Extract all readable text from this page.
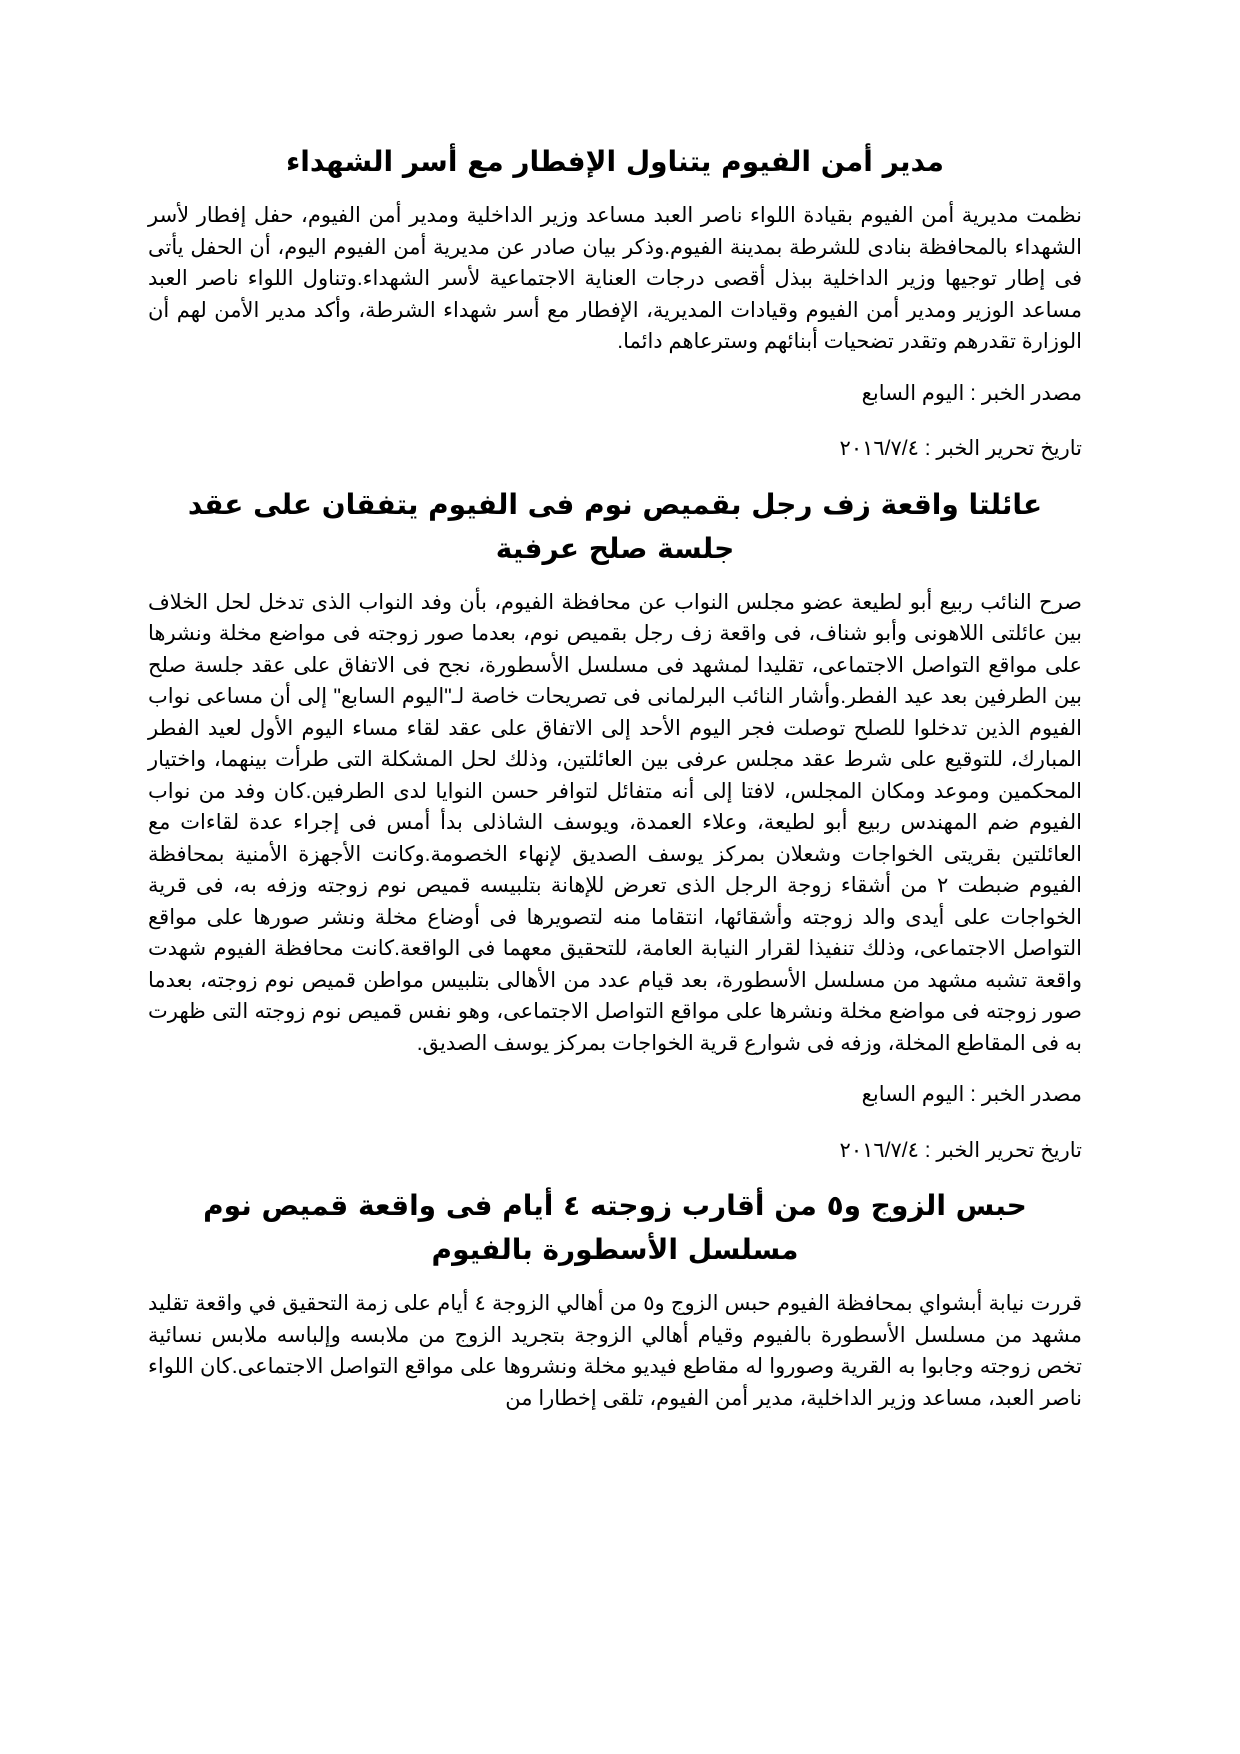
مدير أمن الفيوم يتناول الإفطار مع أسر الشهداء

نظمت مديرية أمن الفيوم بقيادة اللواء ناصر العبد مساعد وزير الداخلية ومدير أمن الفيوم، حفل إفطار لأسر الشهداء بالمحافظة بنادى للشرطة بمدينة الفيوم.وذكر بيان صادر عن مديرية أمن الفيوم اليوم، أن الحفل يأتى فى إطار توجيها وزير الداخلية ببذل أقصى درجات العناية الاجتماعية لأسر الشهداء.وتناول اللواء ناصر العبد مساعد الوزير ومدير أمن الفيوم وقيادات المديرية، الإفطار مع أسر شهداء الشرطة، وأكد مدير الأمن لهم أن الوزارة تقدرهم وتقدر تضحيات أبنائهم وسترعاهم دائما.

مصدر الخبر : اليوم السابع

تاريخ تحرير الخبر : ٢٠١٦/٧/٤

عائلتا واقعة زف رجل بقميص نوم فى الفيوم يتفقان على عقد جلسة صلح عرفية

صرح النائب ربيع أبو لطيعة عضو مجلس النواب عن محافظة الفيوم، بأن وفد النواب الذى تدخل لحل الخلاف بين عائلتى اللاهونى وأبو شناف، فى واقعة زف رجل بقميص نوم، بعدما صور زوجته فى مواضع مخلة ونشرها على مواقع التواصل الاجتماعى، تقليدا لمشهد فى مسلسل الأسطورة، نجح فى الاتفاق على عقد جلسة صلح بين الطرفين بعد عيد الفطر.وأشار النائب البرلمانى فى تصريحات خاصة لـ"اليوم السابع" إلى أن مساعى نواب الفيوم الذين تدخلوا للصلح توصلت فجر اليوم الأحد إلى الاتفاق على عقد لقاء مساء اليوم الأول لعيد الفطر المبارك، للتوقيع على شرط عقد مجلس عرفى بين العائلتين، وذلك لحل المشكلة التى طرأت بينهما، واختيار المحكمين وموعد ومكان المجلس، لافتا إلى أنه متفائل لتوافر حسن النوايا لدى الطرفين.كان وفد من نواب الفيوم ضم المهندس ربيع أبو لطيعة، وعلاء العمدة، ويوسف الشاذلى بدأ أمس فى إجراء عدة لقاءات مع العائلتين بقريتى الخواجات وشعلان بمركز يوسف الصديق لإنهاء الخصومة.وكانت الأجهزة الأمنية بمحافظة الفيوم ضبطت ٢ من أشقاء زوجة الرجل الذى تعرض للإهانة بتلبيسه قميص نوم زوجته وزفه به، فى قرية الخواجات على أيدى والد زوجته وأشقائها، انتقاما منه لتصويرها فى أوضاع مخلة ونشر صورها على مواقع التواصل الاجتماعى، وذلك تنفيذا لقرار النيابة العامة، للتحقيق معهما فى الواقعة.كانت محافظة الفيوم شهدت واقعة تشبه مشهد من مسلسل الأسطورة، بعد قيام عدد من الأهالى بتلبيس مواطن قميص نوم زوجته، بعدما صور زوجته فى مواضع مخلة ونشرها على مواقع التواصل الاجتماعى، وهو نفس قميص نوم زوجته التى ظهرت به فى المقاطع المخلة، وزفه فى شوارع قرية الخواجات بمركز يوسف الصديق.

مصدر الخبر : اليوم السابع

تاريخ تحرير الخبر : ٢٠١٦/٧/٤

حبس الزوج و٥ من أقارب زوجته ٤ أيام فى واقعة قميص نوم مسلسل الأسطورة بالفيوم

قررت نيابة أبشواي بمحافظة الفيوم حبس الزوج و٥ من أهالي الزوجة ٤ أيام على زمة التحقيق في واقعة تقليد مشهد من مسلسل الأسطورة بالفيوم وقيام أهالي الزوجة بتجريد الزوج من ملابسه وإلباسه ملابس نسائية تخص زوجته وجابوا به القرية وصوروا له مقاطع فيديو مخلة ونشروها على مواقع التواصل الاجتماعى.كان اللواء ناصر العبد، مساعد وزير الداخلية، مدير أمن الفيوم، تلقى إخطارا من
